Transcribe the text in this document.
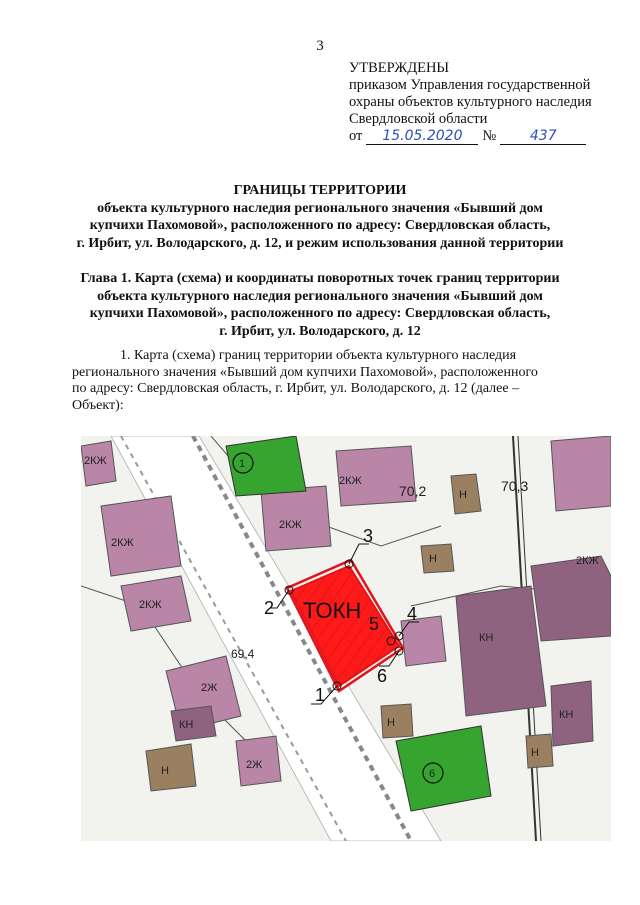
3
УТВЕРЖДЕНЫ
приказом Управления государственной
охраны объектов культурного наследия
Свердловской области
от	15.05.2020	№	437
ГРАНИЦЫ ТЕРРИТОРИИ
объекта культурного наследия регионального значения «Бывший дом
купчихи Пахомовой», расположенного по адресу: Свердловская область,
г. Ирбит, ул. Володарского, д. 12, и режим использования данной территории
Глава 1. Карта (схема) и координаты поворотных точек границ территории
объекта культурного наследия регионального значения «Бывший дом
купчихи Пахомовой», расположенного по адресу: Свердловская область,
г. Ирбит, ул. Володарского, д. 12
1. Карта (схема) границ территории объекта культурного наследия
регионального значения «Бывший дом купчихи Пахомовой», расположенного
по адресу: Свердловская область, г. Ирбит, ул. Володарского, д. 12 (далее –
Объект):
1
6
ТОКН
1
2
3
4
5
6
70,2	70,3
69,4
2КЖ
2КЖ
2КЖ
2КЖ
2КЖ
2КЖ
2Ж
2Ж
Н
Н
Н
Н
КН
КН
КН
Н
